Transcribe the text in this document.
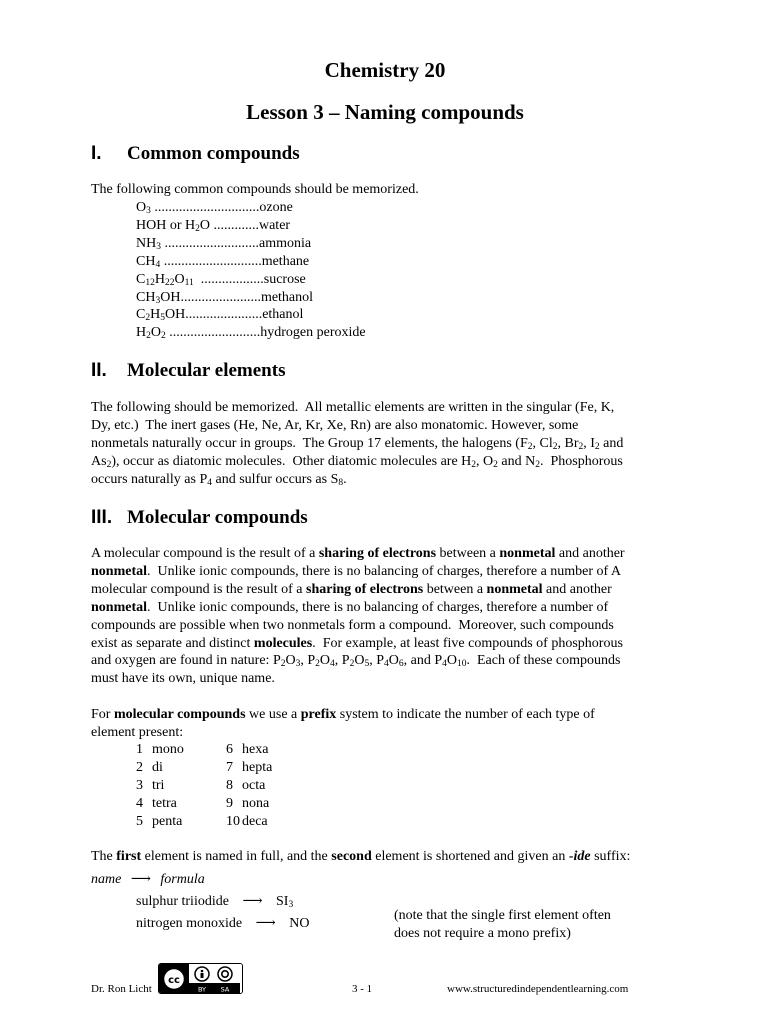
Chemistry 20
Lesson 3 – Naming compounds
I. Common compounds
The following common compounds should be memorized.
$O_3$ ..............................ozone
HOH or $H_2O$ .............water
$NH_3$ ...........................ammonia
$CH_4$ ............................methane
$C_{12}H_{22}O_{11}$  ..................sucrose
$CH_3OH.......................methanol$
$C_2H_5OH......................ethanol$
$H_2O_2$ ..........................hydrogen peroxide
II. Molecular elements
The following should be memorized.  All metallic elements are written in the singular (Fe, K,
Dy, etc.)  The inert gases (He, Ne, Ar, Kr, Xe, Rn) are also monatomic. However, some
nonmetals naturally occur in groups.  The Group 17 elements, the halogens ($F_2$, $Cl_2$, $Br_2$, $I_2$ and
$As_2$), occur as diatomic molecules.  Other diatomic molecules are $H_2$, $O_2$ and $N_2$.  Phosphorous
occurs naturally as $P_4$ and sulfur occurs as $S_8$.
III. Molecular compounds
A molecular compound is the result of a sharing of electrons between a nonmetal and another
nonmetal.  Unlike ionic compounds, there is no balancing of charges, therefore a number of A
molecular compound is the result of a sharing of electrons between a nonmetal and another
nonmetal.  Unlike ionic compounds, there is no balancing of charges, therefore a number of
compounds are possible when two nonmetals form a compound.  Moreover, such compounds
exist as separate and distinct molecules.  For example, at least five compounds of phosphorous
and oxygen are found in nature: $P_2O_3$, $P_2O_4$, $P_2O_5$, $P_4O_6$, and $P_4O_{10}$.  Each of these compounds
must have its own, unique name.
For molecular compounds we use a prefix system to indicate the number of each type of
element present:
1 mono
2 di
3 tri
4 tetra
5 penta
6 hexa
7 hepta
8 octa
9 nona
10 deca
The first element is named in full, and the second element is shortened and given an -ide suffix:
name ⟶ formula
sulphur triiodide ⟶ $SI_3$
nitrogen monoxide ⟶ NO
(note that the single first element often
does not require a mono prefix)
Dr. Ron Licht
cc
BY SA	3 - 1	www.structuredindependentlearning.com
